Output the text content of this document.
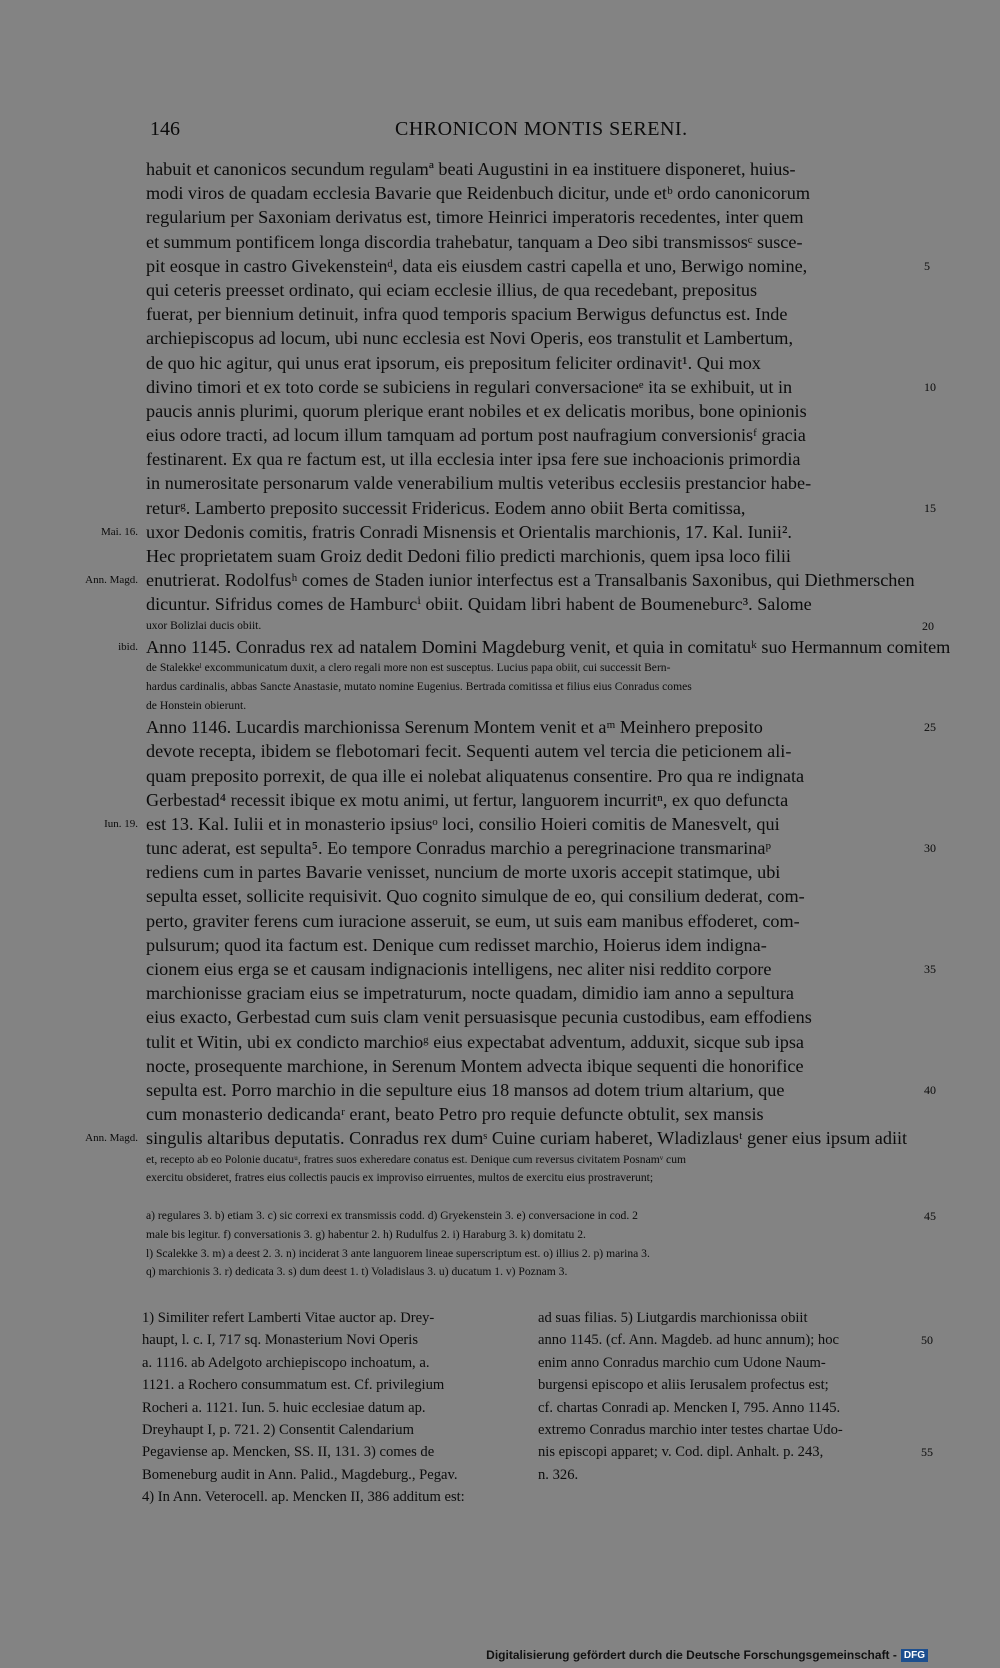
146	CHRONICON MONTIS SERENI.
habuit et canonicos secundum regulamª beati Augustini in ea instituere disponeret, huius-
modi viros de quadam ecclesia Bavarie que Reidenbuch dicitur, unde etᵇ ordo canonicorum
regularium per Saxoniam derivatus est, timore Heinrici imperatoris recedentes, inter quem
et summum pontificem longa discordia trahebatur, tanquam a Deo sibi transmissosᶜ susce-
pit eosque in castro Givekensteinᵈ, data eis eiusdem castri capella et uno, Berwigo nomine,	5
qui ceteris preesset ordinato, qui eciam ecclesie illius, de qua recedebant, prepositus
fuerat, per biennium detinuit, infra quod temporis spacium Berwigus defunctus est. Inde
archiepiscopus ad locum, ubi nunc ecclesia est Novi Operis, eos transtulit et Lambertum,
de quo hic agitur, qui unus erat ipsorum, eis prepositum feliciter ordinavit¹. Qui mox
divino timori et ex toto corde se subiciens in regulari conversacioneᵉ ita se exhibuit, ut in	10
paucis annis plurimi, quorum plerique erant nobiles et ex delicatis moribus, bone opinionis
eius odore tracti, ad locum illum tamquam ad portum post naufragium conversionisᶠ gracia
festinarent. Ex qua re factum est, ut illa ecclesia inter ipsa fere sue inchoacionis primordia
in numerositate personarum valde venerabilium multis veteribus ecclesiis prestancior habe-
returᵍ. Lamberto preposito successit Fridericus. Eodem anno obiit Berta comitissa,	15
uxor Dedonis comitis, fratris Conradi Misnensis et Orientalis marchionis, 17. Kal. Iunii².
Mai. 16.
Hec proprietatem suam Groiz dedit Dedoni filio predicti marchionis, quem ipsa loco filii
enutrierat. Rodolfusʰ comes de Staden iunior interfectus est a Transalbanis Saxonibus, qui Diethmerschen
Ann. Magd.
dicuntur. Sifridus comes de Hamburcⁱ obiit. Quidam libri habent de Boumeneburc³. Salome
uxor Bolizlai ducis obiit.	20
Anno 1145. Conradus rex ad natalem Domini Magdeburg venit, et quia in comitatuᵏ suo Hermannum comitem
ibid.
de Stalekkeˡ excommunicatum duxit, a clero regali more non est susceptus. Lucius papa obiit, cui successit Bern-
hardus cardinalis, abbas Sancte Anastasie, mutato nomine Eugenius. Bertrada comitissa et filius eius Conradus comes
de Honstein obierunt.
Anno 1146. Lucardis marchionissa Serenum Montem venit et aᵐ Meinhero preposito	25
devote recepta, ibidem se flebotomari fecit. Sequenti autem vel tercia die peticionem ali-
quam preposito porrexit, de qua ille ei nolebat aliquatenus consentire. Pro qua re indignata
Gerbestad⁴ recessit ibique ex motu animi, ut fertur, languorem incurritⁿ, ex quo defuncta
est 13. Kal. Iulii et in monasterio ipsiusᵒ loci, consilio Hoieri comitis de Manesvelt, qui
Iun. 19.
tunc aderat, est sepulta⁵. Eo tempore Conradus marchio a peregrinacione transmarinaᵖ	30
rediens cum in partes Bavarie venisset, nuncium de morte uxoris accepit statimque, ubi
sepulta esset, sollicite requisivit. Quo cognito simulque de eo, qui consilium dederat, com-
perto, graviter ferens cum iuracione asseruit, se eum, ut suis eam manibus effoderet, com-
pulsurum; quod ita factum est. Denique cum redisset marchio, Hoierus idem indigna-
cionem eius erga se et causam indignacionis intelligens, nec aliter nisi reddito corpore	35
marchionisse graciam eius se impetraturum, nocte quadam, dimidio iam anno a sepultura
eius exacto, Gerbestad cum suis clam venit persuasisque pecunia custodibus, eam effodiens
tulit et Witin, ubi ex condicto marchioᵍ eius expectabat adventum, adduxit, sicque sub ipsa
nocte, prosequente marchione, in Serenum Montem advecta ibique sequenti die honorifice
sepulta est. Porro marchio in die sepulture eius 18 mansos ad dotem trium altarium, que	40
cum monasterio dedicandaʳ erant, beato Petro pro requie defuncte obtulit, sex mansis
singulis altaribus deputatis. Conradus rex dumˢ Cuine curiam haberet, Wladizlausᵗ gener eius ipsum adiit
Ann. Magd.
et, recepto ab eo Polonie ducatuᵘ, fratres suos exheredare conatus est. Denique cum reversus civitatem Posnamᵛ cum
exercitu obsideret, fratres eius collectis paucis ex improviso eirruentes, multos de exercitu eius prostraverunt;
a) regulares 3. b) etiam 3. c) sic correxi ex transmissis codd. d) Gryekenstein 3. e) conversacione in cod. 2	45
male bis legitur. f) conversationis 3. g) habentur 2. h) Rudulfus 2. i) Haraburg 3. k) domitatu 2.
l) Scalekke 3. m) a deest 2. 3. n) inciderat 3 ante languorem lineae superscriptum est. o) illius 2. p) marina 3.
q) marchionis 3. r) dedicata 3. s) dum deest 1. t) Voladislaus 3. u) ducatum 1. v) Poznam 3.
1) Similiter refert Lamberti Vitae auctor ap. Drey-
haupt, l. c. I, 717 sq. Monasterium Novi Operis
a. 1116. ab Adelgoto archiepiscopo inchoatum, a.
1121. a Rochero consummatum est. Cf. privilegium
Rocheri a. 1121. Iun. 5. huic ecclesiae datum ap.
Dreyhaupt I, p. 721. 2) Consentit Calendarium
Pegaviense ap. Mencken, SS. II, 131. 3) comes de
Bomeneburg audit in Ann. Palid., Magdeburg., Pegav.
4) In Ann. Veterocell. ap. Mencken II, 386 additum est:
ad suas filias. 5) Liutgardis marchionissa obiit
anno 1145. (cf. Ann. Magdeb. ad hunc annum); hoc	50
enim anno Conradus marchio cum Udone Naum-
burgensi episcopo et aliis Ierusalem profectus est;
cf. chartas Conradi ap. Mencken I, 795. Anno 1145.
extremo Conradus marchio inter testes chartae Udo-
nis episcopi apparet; v. Cod. dipl. Anhalt. p. 243,	55
n. 326.
Digitalisierung gefördert durch die Deutsche Forschungsgemeinschaft - DFG
